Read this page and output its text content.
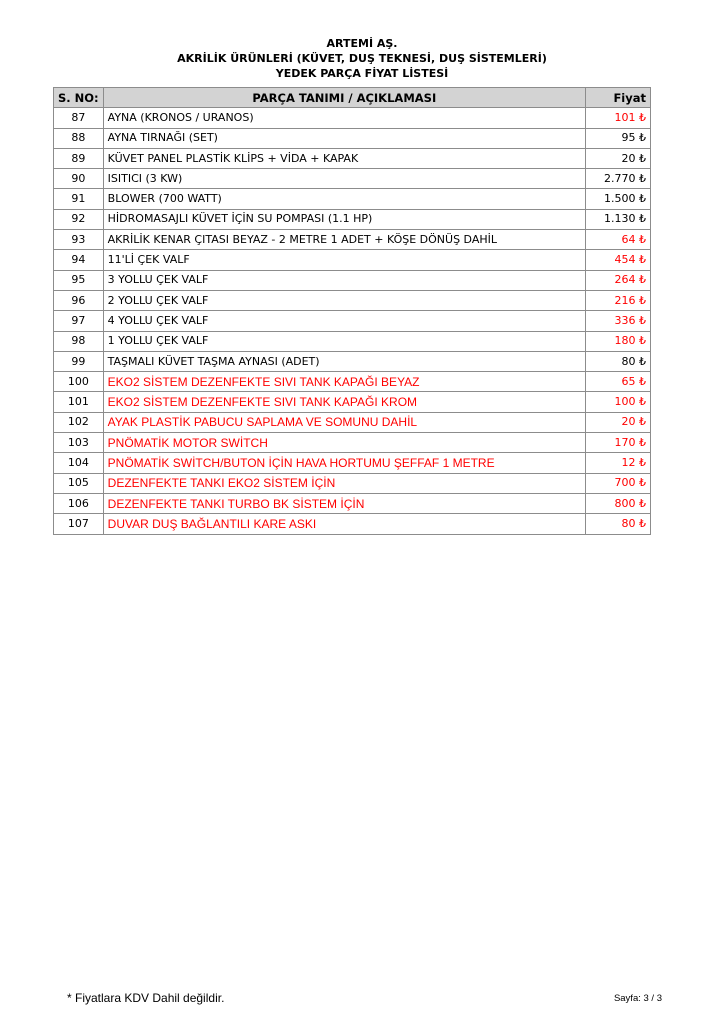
ARTEMİ AŞ.
AKRİLİK ÜRÜNLERİ (KÜVET, DUŞ TEKNESİ, DUŞ SİSTEMLERİ)
YEDEK PARÇA FİYAT LİSTESİ
S. NO:	PARÇA TANIMI / AÇIKLAMASI	Fiyat
87	AYNA (KRONOS / URANOS)	101 ₺
88	AYNA TIRNAĞI (SET)	95 ₺
89	KÜVET PANEL PLASTİK KLİPS + VİDA + KAPAK	20 ₺
90	ISITICI (3 KW)	2.770 ₺
91	BLOWER (700 WATT)	1.500 ₺
92	HİDROMASAJLI KÜVET İÇİN SU POMPASI (1.1 HP)	1.130 ₺
93	AKRİLİK KENAR ÇITASI BEYAZ - 2 METRE 1 ADET + KÖŞE DÖNÜŞ DAHİL	64 ₺
94	11'Lİ ÇEK VALF	454 ₺
95	3 YOLLU ÇEK VALF	264 ₺
96	2 YOLLU ÇEK VALF	216 ₺
97	4 YOLLU ÇEK VALF	336 ₺
98	1 YOLLU ÇEK VALF	180 ₺
99	TAŞMALI KÜVET TAŞMA AYNASI (ADET)	80 ₺
100	EKO2 SİSTEM DEZENFEKTE SIVI TANK KAPAĞI BEYAZ	65 ₺
101	EKO2 SİSTEM DEZENFEKTE SIVI TANK KAPAĞI KROM	100 ₺
102	AYAK PLASTİK PABUCU SAPLAMA VE SOMUNU DAHİL	20 ₺
103	PNÖMATİK MOTOR SWİTCH	170 ₺
104	PNÖMATİK SWİTCH/BUTON İÇİN HAVA HORTUMU ŞEFFAF 1 METRE	12 ₺
105	DEZENFEKTE TANKI EKO2 SİSTEM İÇİN	700 ₺
106	DEZENFEKTE TANKI TURBO BK SİSTEM İÇİN	800 ₺
107	DUVAR DUŞ BAĞLANTILI KARE ASKI	80 ₺
* Fiyatlara KDV Dahil değildir.	Sayfa: 3 / 3
